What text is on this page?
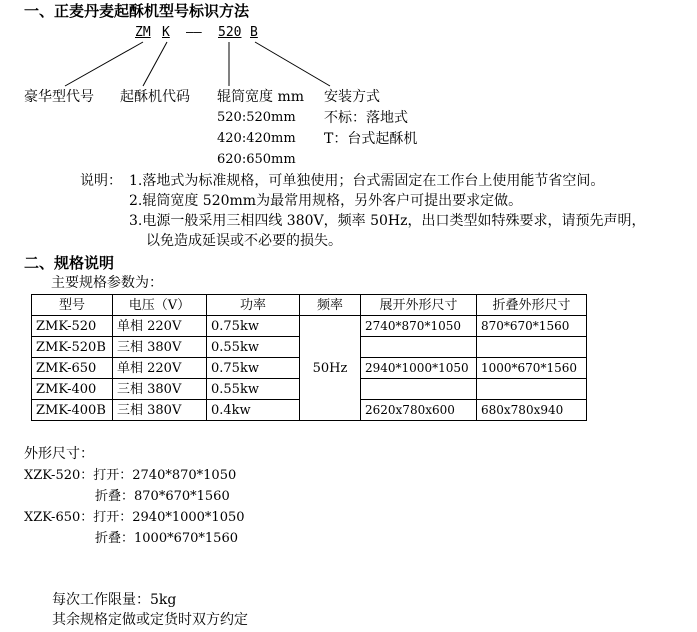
一、正麦丹麦起酥机型号标识方法
ZM K —— 520 B
豪华型代号 起酥机代码 辊筒宽度 mm 安装方式
520:520mm
420:420mm
620:650mm
不标：落地式
T：台式起酥机
说明： 1.落地式为标准规格，可单独使用；台式需固定在工作台上使用能节省空间。
2.辊筒宽度 520mm为最常用规格，另外客户可提出要求定做。
3.电源一般采用三相四线 380V，频率 50Hz，出口类型如特殊要求，请预先声明，
以免造成延误或不必要的损失。
二、规格说明
主要规格参数为：
型号	电压（V）	功率	频率	展开外形尺寸	折叠外形尺寸
ZMK-520	单相 220V	0.75kw	50Hz	2740*870*1050	870*670*1560
ZMK-520B	三相 380V	0.55kw			
ZMK-650	单相 220V	0.75kw		2940*1000*1050	1000*670*1560
ZMK-400	三相 380V	0.55kw			
ZMK-400B	三相 380V	0.4kw		2620x780x600	680x780x940
外形尺寸：
XZK-520：打开：2740*870*1050
折叠：870*670*1560
XZK-650：打开：2940*1000*1050
折叠：1000*670*1560
每次工作限量：5kg
其余规格定做或定货时双方约定
